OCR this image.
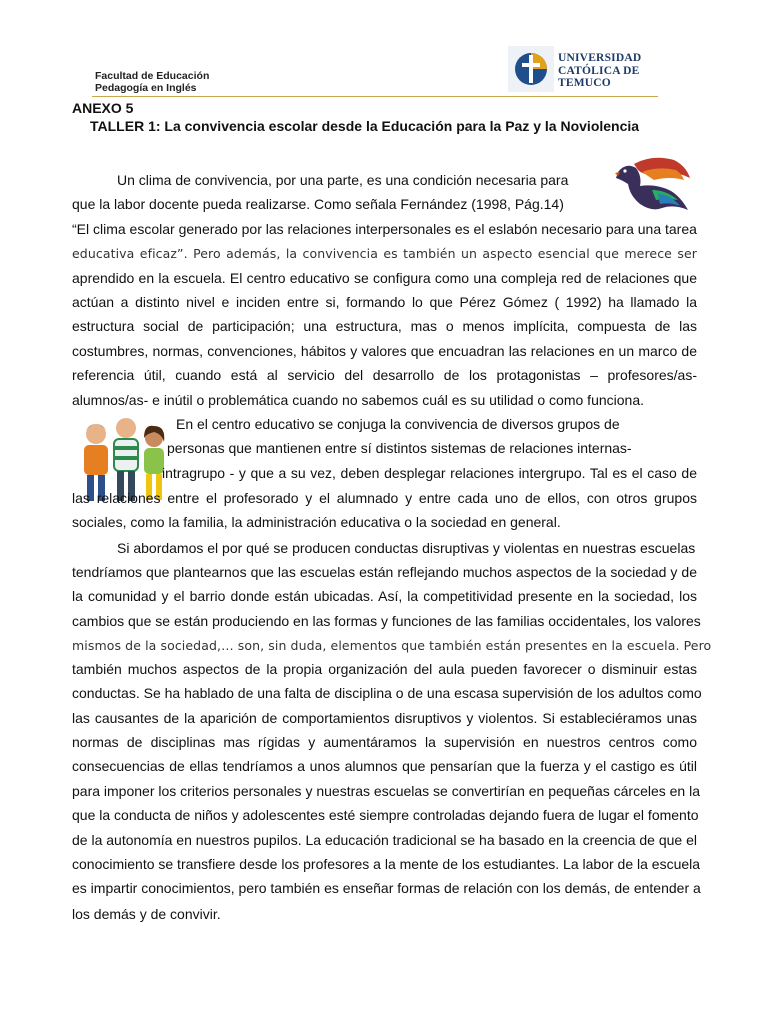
Facultad de Educación
Pedagogía en Inglés
UNIVERSIDAD
CATÓLICA DE
TEMUCO
ANEXO 5
TALLER 1: La convivencia escolar desde la Educación para la Paz y la Noviolencia
Un clima de convivencia, por una parte, es una condición necesaria para
que la labor docente pueda realizarse. Como señala Fernández (1998, Pág.14)
“El clima escolar generado por las relaciones interpersonales es el eslabón necesario para una tarea
educativa eficaz”. Pero además, la convivencia es también un aspecto esencial que merece ser
aprendido en la escuela. El centro educativo se configura como una compleja red de relaciones que
actúan a distinto nivel e inciden entre si, formando lo que Pérez Gómez ( 1992) ha llamado la
estructura social de participación; una estructura, mas o menos implícita, compuesta de las
costumbres, normas, convenciones, hábitos y valores que encuadran las relaciones en un marco de
referencia útil, cuando está al servicio del desarrollo de los protagonistas – profesores/as-
alumnos/as- e inútil o problemática cuando no sabemos cuál es su utilidad o como funciona.
En el centro educativo se conjuga la convivencia de diversos grupos de
personas que mantienen entre sí distintos sistemas de relaciones internas-
intragrupo - y que a su vez, deben desplegar relaciones intergrupo. Tal es el caso de
las relaciones entre el profesorado y el alumnado y entre cada uno de ellos, con otros grupos
sociales, como la familia, la administración educativa o la sociedad en general.
Si abordamos el por qué se producen conductas disruptivas y violentas en nuestras escuelas
tendríamos que plantearnos que las escuelas están reflejando muchos aspectos de la sociedad y de
la comunidad y el barrio donde están ubicadas. Así, la competitividad presente en la sociedad, los
cambios que se están produciendo en las formas y funciones de las familias occidentales, los valores
mismos de la sociedad,… son, sin duda, elementos que también están presentes en la escuela. Pero
también muchos aspectos de la propia organización del aula pueden favorecer o disminuir estas
conductas. Se ha hablado de una falta de disciplina o de una escasa supervisión de los adultos como
las causantes de la aparición de comportamientos disruptivos y violentos. Si estableciéramos unas
normas de disciplinas mas rígidas y aumentáramos la supervisión en nuestros centros como
consecuencias de ellas tendríamos a unos alumnos que pensarían que la fuerza y el castigo es útil
para imponer los criterios personales y nuestras escuelas se convertirían en pequeñas cárceles en la
que la conducta de niños y adolescentes esté siempre controladas dejando fuera de lugar el fomento
de la autonomía en nuestros pupilos. La educación tradicional se ha basado en la creencia de que el
conocimiento se transfiere desde los profesores a la mente de los estudiantes. La labor de la escuela
es impartir conocimientos, pero también es enseñar formas de relación con los demás, de entender a
los demás y de convivir.
